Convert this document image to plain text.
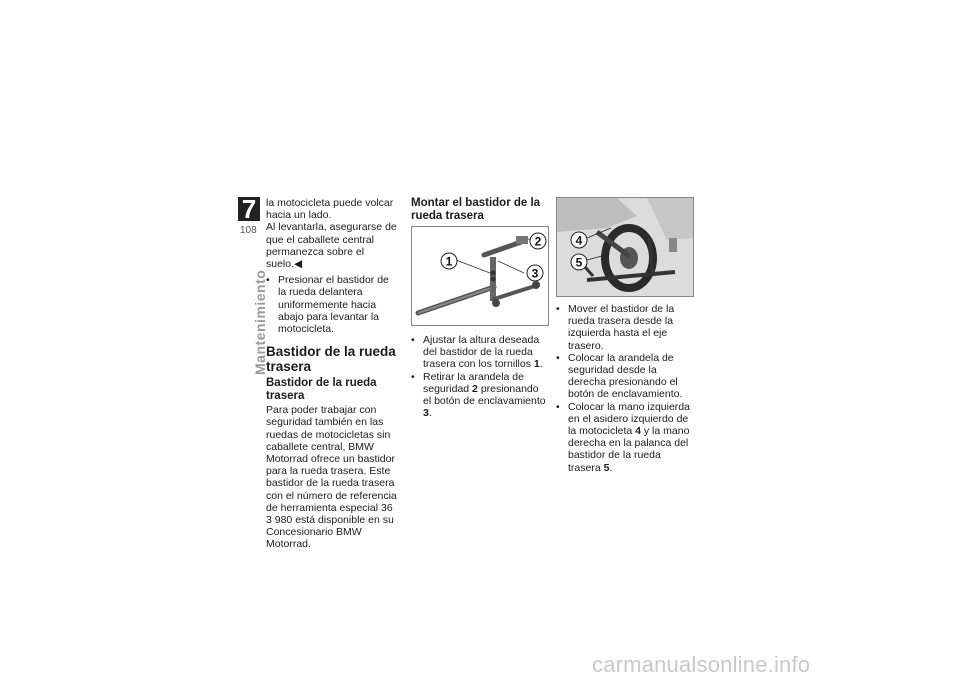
7
108
Mantenimiento

la motocicleta puede volcar hacia un lado.

Al levantarla, asegurarse de que el caballete central permanezca sobre el suelo.◀

• Presionar el bastidor de la rueda delantera uniformemente hacia abajo para levantar la motocicleta.

Bastidor de la rueda trasera
Bastidor de la rueda trasera

Para poder trabajar con seguridad también en las ruedas de motocicletas sin caballete central, BMW Motorrad ofrece un bastidor para la rueda trasera. Este bastidor de la rueda trasera con el número de referencia de herramienta especial 36 3 980 está disponible en su Concesionario BMW Motorrad.

Montar el bastidor de la rueda trasera
1
2
3

• Ajustar la altura deseada del bastidor de la rueda trasera con los tornillos 1.

• Retirar la arandela de seguridad 2 presionando el botón de enclavamiento 3.

4
5

• Mover el bastidor de la rueda trasera desde la izquierda hasta el eje trasero.

• Colocar la arandela de seguridad desde la derecha presionando el botón de enclavamiento.

• Colocar la mano izquierda en el asidero izquierdo de la motocicleta 4 y la mano derecha en la palanca del bastidor de la rueda trasera 5.

carmanualsonline.info
